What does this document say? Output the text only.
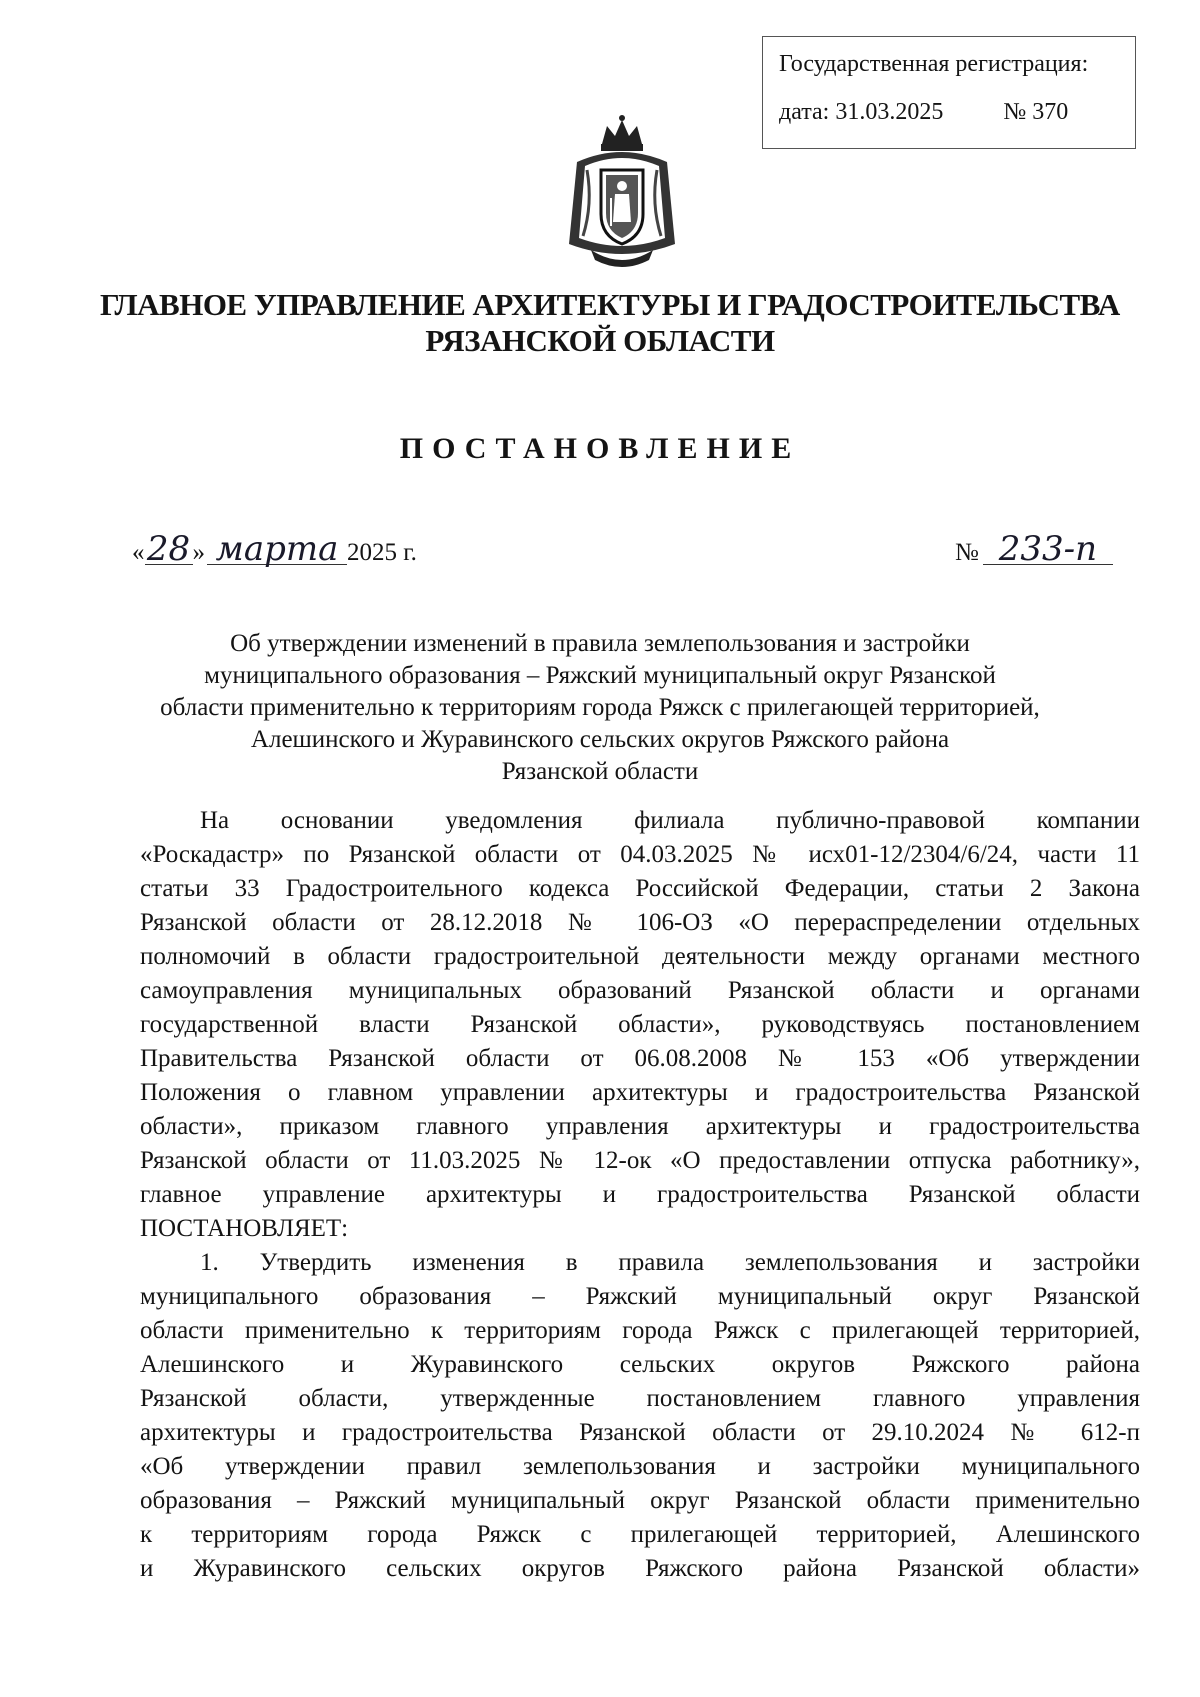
Государственная регистрация:
дата: 31.03.2025	№ 370
ГЛАВНОЕ УПРАВЛЕНИЕ АРХИТЕКТУРЫ И ГРАДОСТРОИТЕЛЬСТВА
РЯЗАНСКОЙ ОБЛАСТИ
ПОСТАНОВЛЕНИЕ
«28» марта 2025 г.	№ 233-п
Об утверждении изменений в правила землепользования и застройки
муниципального образования – Ряжский муниципальный округ Рязанской
области применительно к территориям города Ряжск с прилегающей территорией,
Алешинского и Журавинского сельских округов Ряжского района
Рязанской области
На основании уведомления филиала публично-правовой компании
«Роскадастр» по Рязанской области от 04.03.2025 № исх01-12/2304/6/24, части 11
статьи 33 Градостроительного кодекса Российской Федерации, статьи 2 Закона
Рязанской области от 28.12.2018 № 106-ОЗ «О перераспределении отдельных
полномочий в области градостроительной деятельности между органами местного
самоуправления муниципальных образований Рязанской области и органами
государственной власти Рязанской области», руководствуясь постановлением
Правительства Рязанской области от 06.08.2008 № 153 «Об утверждении
Положения о главном управлении архитектуры и градостроительства Рязанской
области», приказом главного управления архитектуры и градостроительства
Рязанской области от 11.03.2025 № 12-ок «О предоставлении отпуска работнику»,
главное управление архитектуры и градостроительства Рязанской области
ПОСТАНОВЛЯЕТ:
1. Утвердить изменения в правила землепользования и застройки
муниципального образования – Ряжский муниципальный округ Рязанской
области применительно к территориям города Ряжск с прилегающей территорией,
Алешинского и Журавинского сельских округов Ряжского района
Рязанской области, утвержденные постановлением главного управления
архитектуры и градостроительства Рязанской области от 29.10.2024 № 612-п
«Об утверждении правил землепользования и застройки муниципального
образования – Ряжский муниципальный округ Рязанской области применительно
к территориям города Ряжск с прилегающей территорией, Алешинского
и Журавинского сельских округов Ряжского района Рязанской области»
